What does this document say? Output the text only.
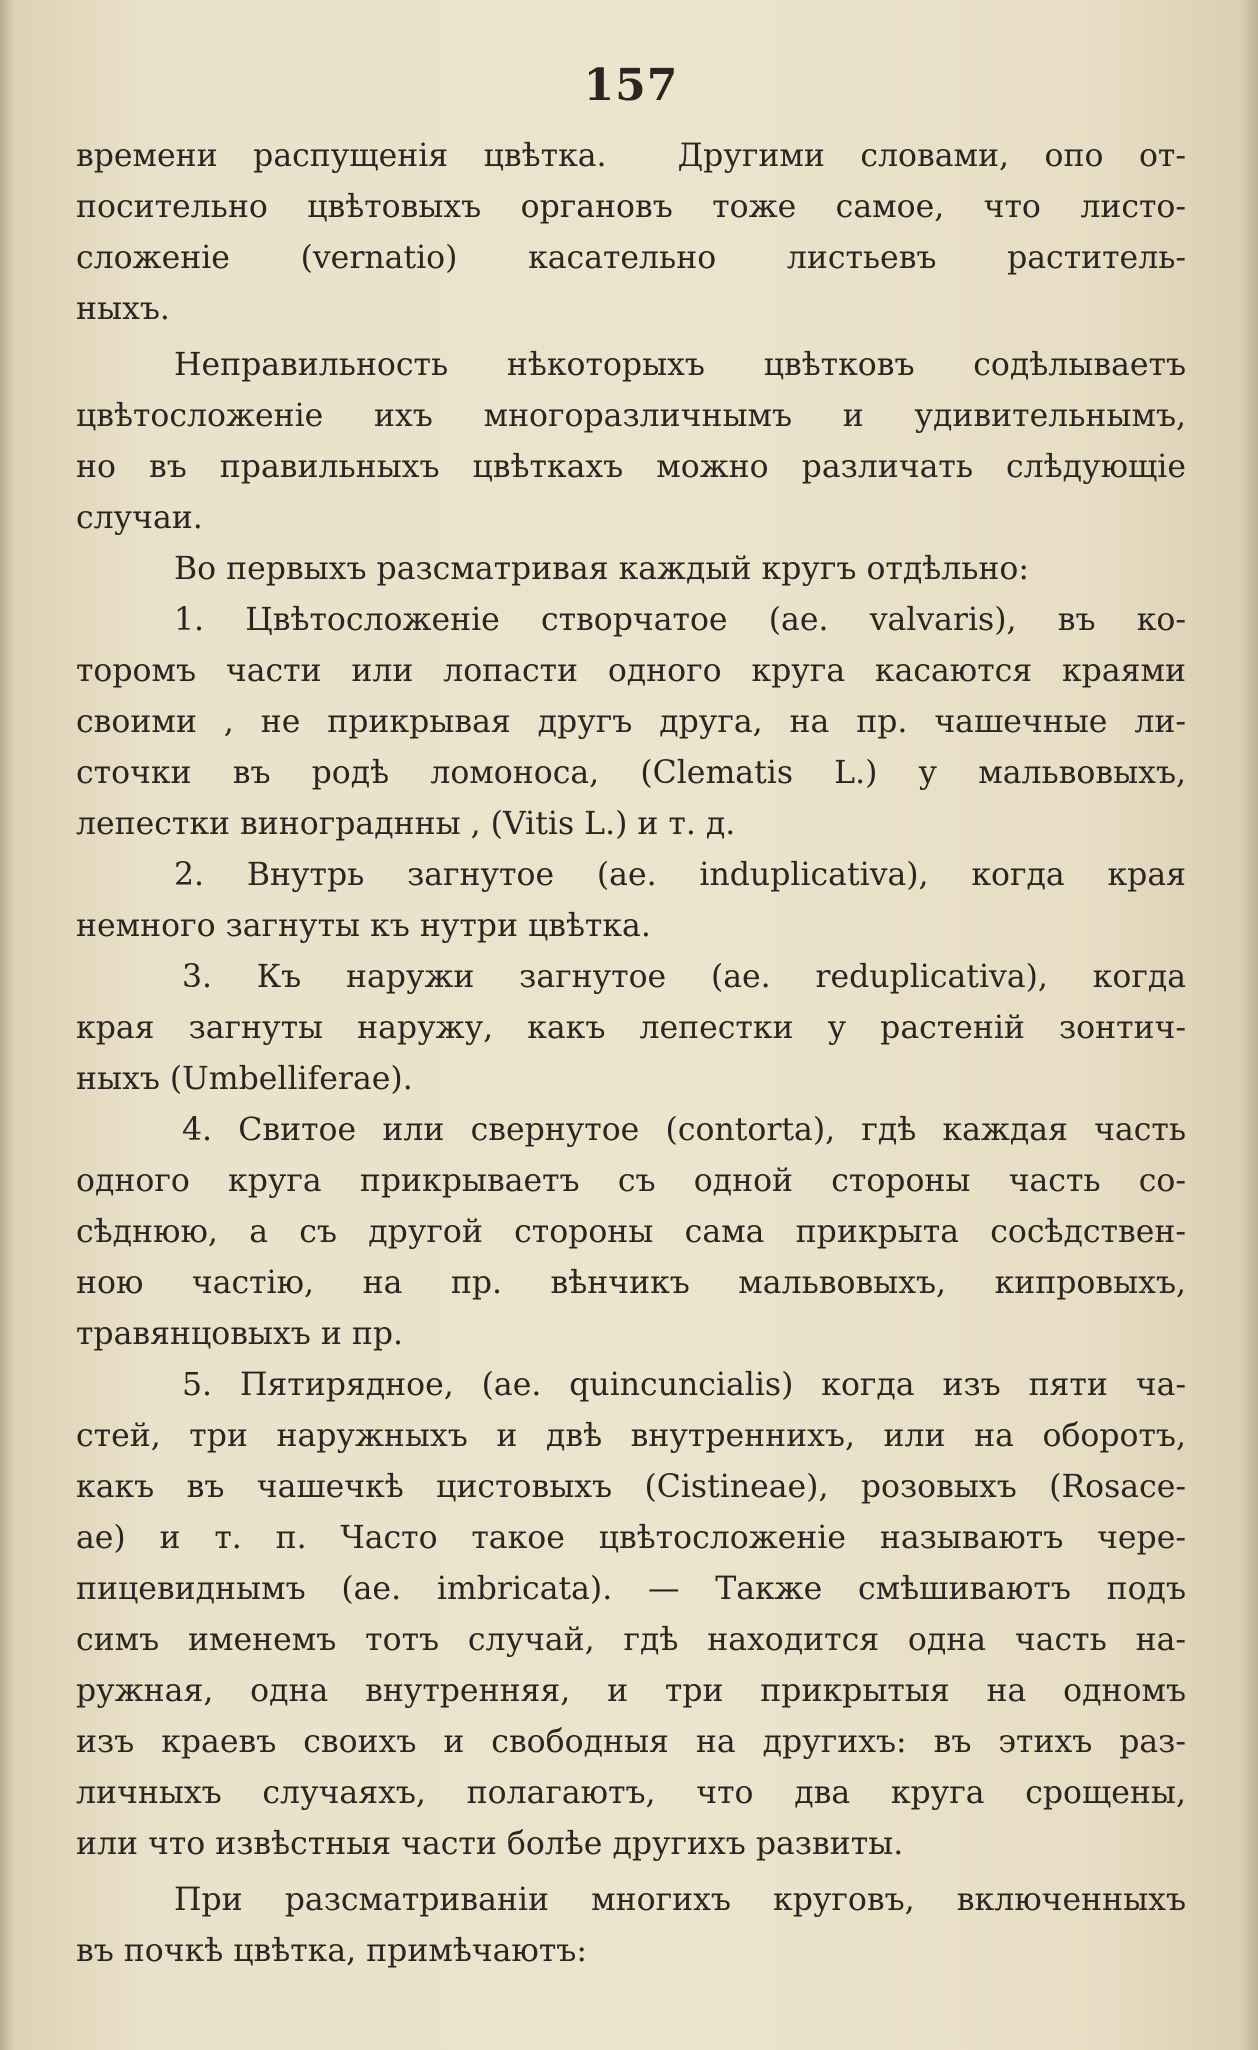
157
времени распущенія цвѣтка.  Другими словами, опо от-
посительно цвѣтовыхъ органовъ тоже самое, что листо-
сложеніе (vernatio) касательно листьевъ раститель-
ныхъ.
Неправильность нѣкоторыхъ цвѣтковъ содѣлываетъ
цвѣтосложеніе ихъ многоразличнымъ и удивительнымъ,
но въ правильныхъ цвѣткахъ можно различать слѣдующіе
случаи.
Во первыхъ разсматривая каждый кругъ отдѣльно:
1. Цвѣтосложеніе створчатое (ae. valvaris), въ ко-
торомъ части или лопасти одного круга касаются краями
своими , не прикрывая другъ друга, на пр. чашечные ли-
сточки въ родѣ ломоноса, (Clematis L.) у мальвовыхъ,
лепестки винограднны , (Vitis L.) и т. д.
2. Внутрь загнутое (ae. induplicativa), когда края
немного загнуты къ нутри цвѣтка.
3. Къ наружи загнутое (ae. reduplicativa), когда
края загнуты наружу, какъ лепестки у растеній зонтич-
ныхъ (Umbelliferae).
4. Свитое или свернутое (contorta), гдѣ каждая часть
одного круга прикрываетъ съ одной стороны часть со-
сѣднюю, а съ другой стороны сама прикрыта сосѣдствен-
ною частію, на пр. вѣнчикъ мальвовыхъ, кипровыхъ,
травянцовыхъ и пр.
5. Пятирядное, (ae. quincuncialis) когда изъ пяти ча-
стей, три наружныхъ и двѣ внутреннихъ, или на оборотъ,
какъ въ чашечкѣ цистовыхъ (Cistineae), розовыхъ (Rosace-
ae) и т. п. Часто такое цвѣтосложеніе называютъ чере-
пицевиднымъ (ae. imbricata). — Также смѣшиваютъ подъ
симъ именемъ тотъ случай, гдѣ находится одна часть на-
ружная, одна внутренняя, и три прикрытыя на одномъ
изъ краевъ своихъ и свободныя на другихъ: въ этихъ раз-
личныхъ случаяхъ, полагаютъ, что два круга срощены,
или что извѣстныя части болѣе другихъ развиты.
При разсматриваніи многихъ круговъ, включенныхъ
въ почкѣ цвѣтка, примѣчаютъ:
